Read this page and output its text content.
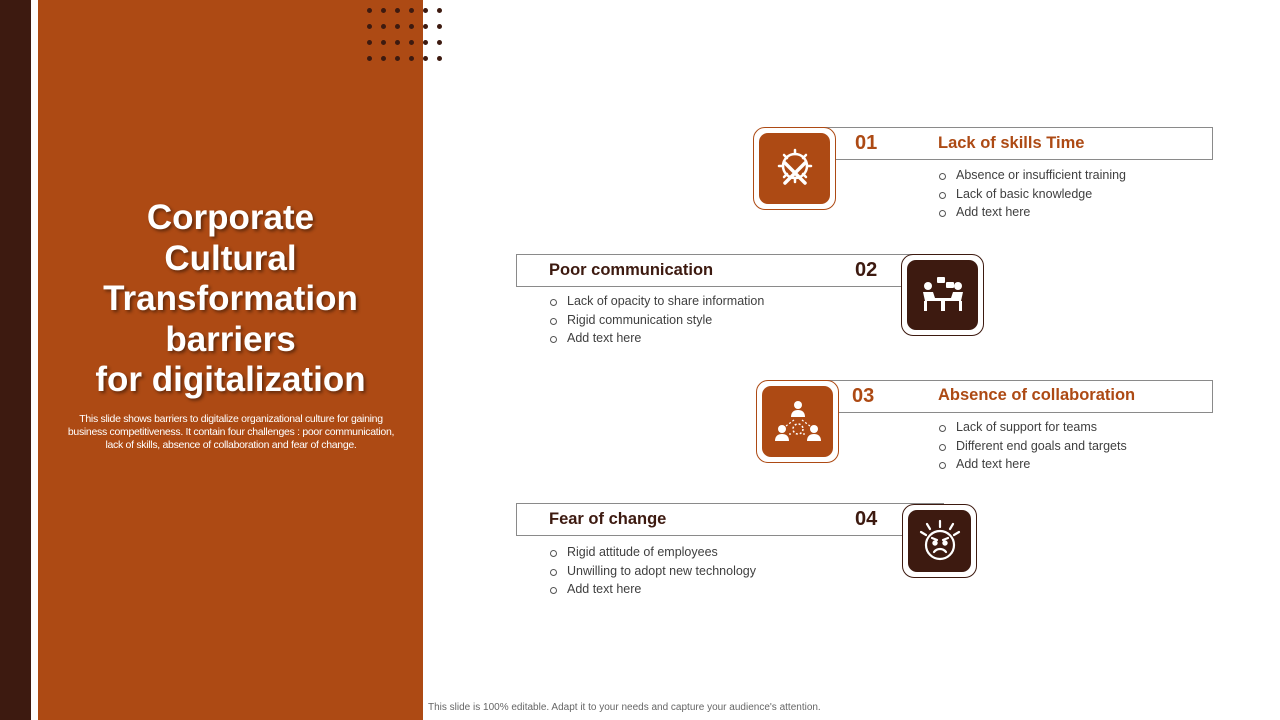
Corporate
Cultural
Transformation
barriers
for digitalization
This slide shows barriers to digitalize organizational culture for gaining business competitiveness. It contain four challenges : poor communication, lack of skills, absence of collaboration and fear of change.
01	Lack of skills Time
Absence or insufficient training
Lack of basic knowledge
Add text here
Poor communication	02
Lack of opacity to share information
Rigid communication style
Add text here
03	Absence of collaboration
Lack of support for teams
Different end goals and targets
Add text here
Fear of change	04
Rigid attitude of employees
Unwilling to adopt new technology
Add text here
This slide is 100% editable. Adapt it to your needs and capture your audience's attention.
